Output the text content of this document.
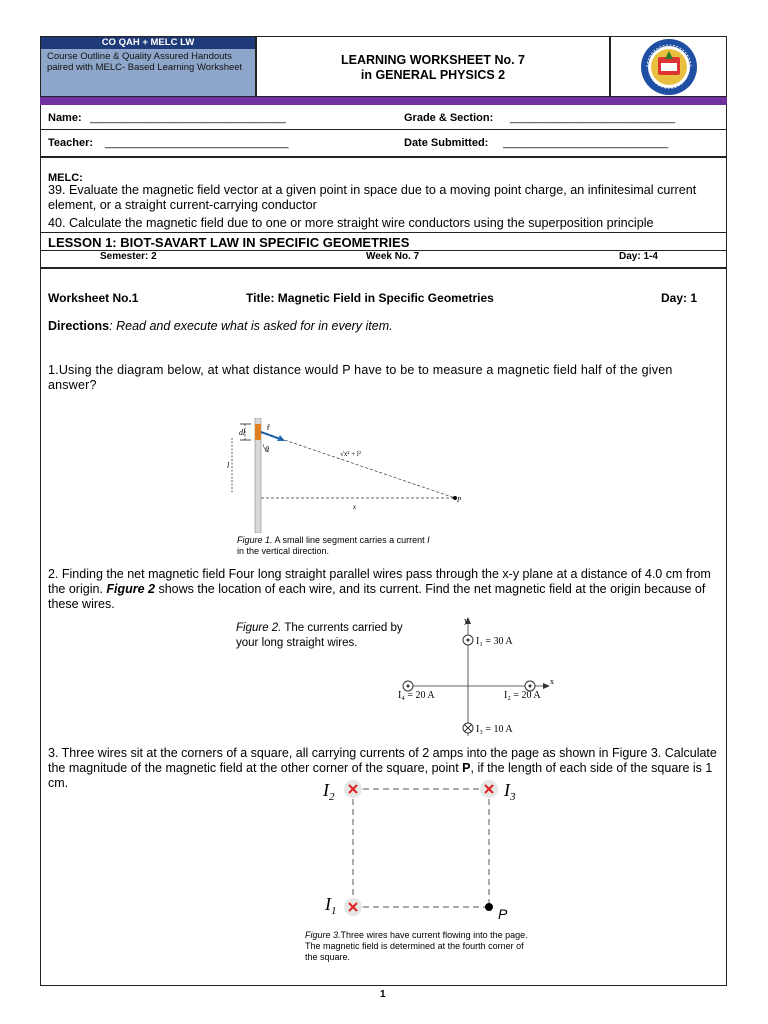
CO QAH + MELC LW
Course Outline & Quality Assured Handouts paired with MELC- Based Learning Worksheet
LEARNING WORKSHEET No. 7
in GENERAL PHYSICS 2
Name: ________________________________	Grade & Section: ___________________________
Teacher: ______________________________	Date Submitted: ___________________________
MELC:
39. Evaluate the magnetic field vector at a given point in space due to a moving point charge, an infinitesimal current element, or a straight current-carrying conductor
40. Calculate the magnetic field due to one or more straight wire conductors using the superposition principle
LESSON 1: BIOT-SAVART LAW IN SPECIFIC GEOMETRIES
Semester: 2	Week No. 7	Day: 1-4
Worksheet No.1	Title: Magnetic Field in Specific Geometries	Day: 1
Directions: Read and execute what is asked for in every item.
1.Using the diagram below, at what distance would P have to be to measure a magnetic field half of the given answer?
dl
r̂
θ
l
√x² + l²
x
P
Figure 1. A small line segment carries a current I
in the vertical direction.
2. Finding the net magnetic field Four long straight parallel wires pass through the x-y plane at a distance of 4.0 cm from the origin. Figure 2 shows the location of each wire, and its current. Find the net magnetic field at the origin because of these wires.
Figure 2. The currents carried by your long straight wires.
y
x
I₁ = 30 A
I₂ = 20 A
I₄ = 20 A
I₃ = 10 A
3. Three wires sit at the corners of a square, all carrying currents of 2 amps into the page as shown in Figure 3. Calculate the magnitude of the magnetic field at the other corner of the square, point P, if the length of each side of the square is 1 cm.	$I_2$	$I_3$
$I_1$	P
Figure 3.Three wires have current flowing into the page. The magnetic field is determined at the fourth corner of the square.
1
